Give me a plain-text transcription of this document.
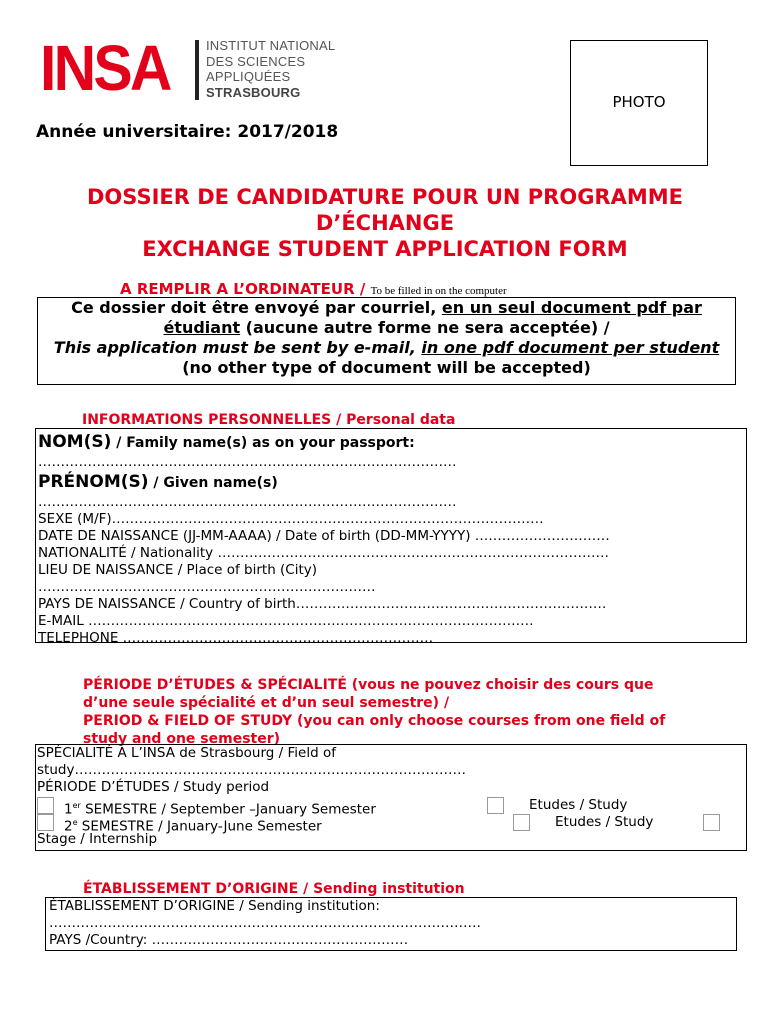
INSA	INSTITUT NATIONAL
DES SCIENCES
APPLIQUÉES
STRASBOURG
PHOTO
Année universitaire: 2017/2018
DOSSIER DE CANDIDATURE POUR UN PROGRAMME
D’ÉCHANGE
EXCHANGE STUDENT APPLICATION FORM
A REMPLIR A L’ORDINATEUR / To be filled in on the computer
Ce dossier doit être envoyé par courriel, en un seul document pdf par étudiant (aucune autre forme ne sera acceptée) /
This application must be sent by e-mail, in one pdf document per student
(no other type of document will be accepted)
INFORMATIONS PERSONNELLES / Personal data
NOM(S) / Family name(s) as on your passport:
…………………………………………………………………………………
PRÉNOM(S) / Given name(s)
…………………………………………………………………………………
SEXE (M/F)……………………………………………………………………………………
DATE DE NAISSANCE (JJ-MM-AAAA) / Date of birth (DD-MM-YYYY) …………………………
NATIONALITÉ / Nationality ……………………………………………………………………………
LIEU DE NAISSANCE / Place of birth (City)
…………………………………………………………………
PAYS DE NAISSANCE / Country of birth……………………………………………………………
E-MAIL ………………………………………………………………………………………
TELEPHONE ……………………………………………………………
PÉRIODE D’ÉTUDES & SPÉCIALITÉ (vous ne pouvez choisir des cours que
d’une seule spécialité et d’un seul semestre) /
PERIOD & FIELD OF STUDY (you can only choose courses from one field of
study and one semester)
SPÉCIALITÉ A L’INSA de Strasbourg / Field of
study……………………………………………………………………………
PÉRIODE D’ÉTUDES / Study period
1er SEMESTRE / September –January Semester	Etudes / Study
2e SEMESTRE / January-June Semester	Etudes / Study
Stage / Internship
ÉTABLISSEMENT D’ORIGINE / Sending institution
ÉTABLISSEMENT D’ORIGINE / Sending institution:
……………………………………………………………………………………
PAYS /Country: …………………………………………………
